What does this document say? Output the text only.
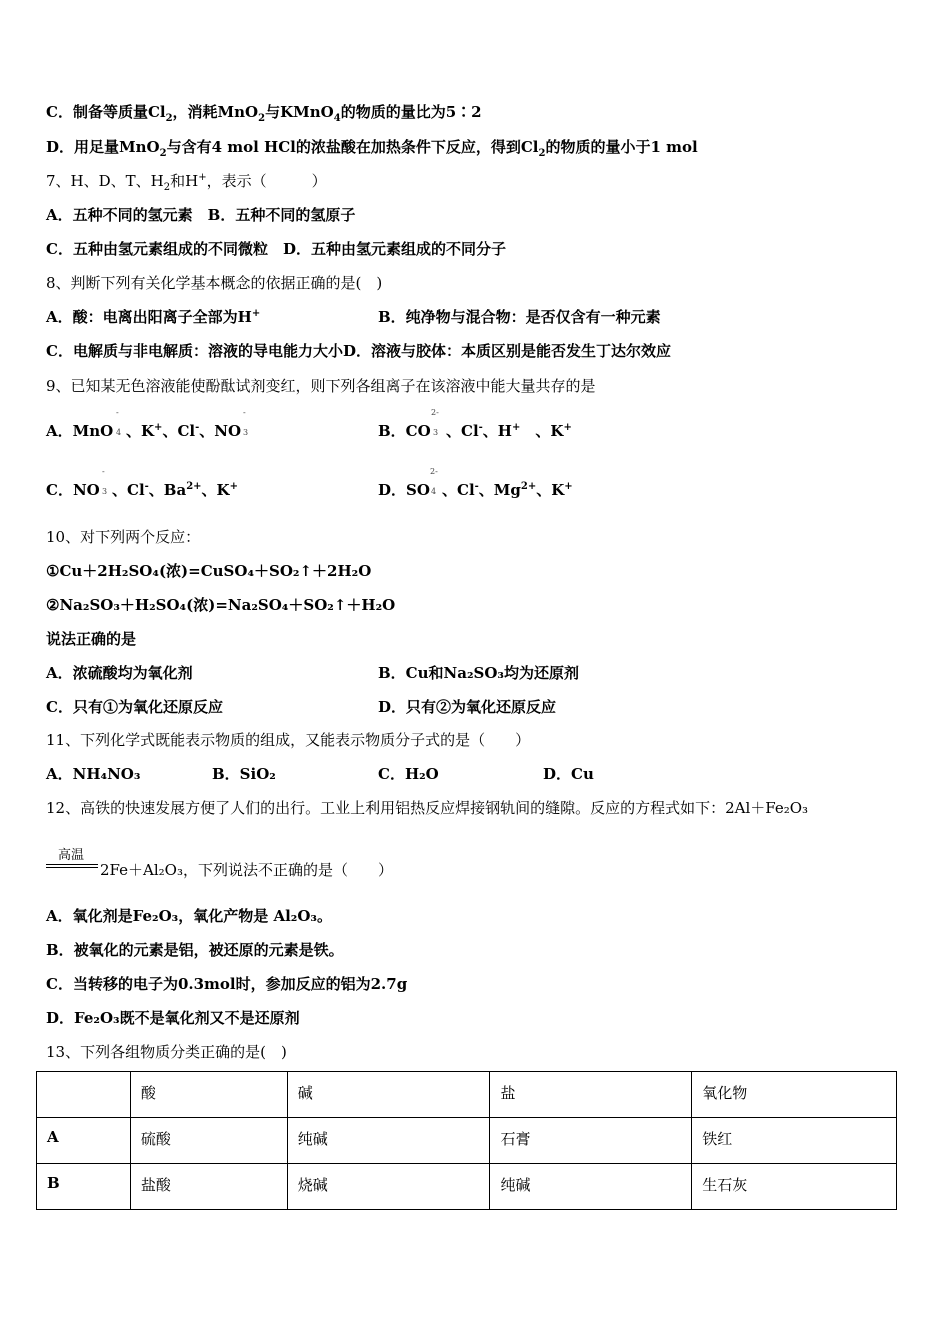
C．制备等质量$Cl_2$，消耗MnO$_2$与KMnO$_4$的物质的量比为5∶2
D．用足量MnO$_2$与含有4 mol HCl的浓盐酸在加热条件下反应，得到$Cl_2$的物质的量小于1 mol
7、H、D、T、$H_2$和H+，表示（　　　）
A．五种不同的氢元素　 B．五种不同的氢原子
C．五种由氢元素组成的不同微粒　 D．五种由氢元素组成的不同分子
8、判断下列有关化学基本概念的依据正确的是(　)
A．酸：电离出阳离子全部为H+	B．纯净物与混合物：是否仅含有一种元素
C．电解质与非电解质：溶液的导电能力大小D．溶液与胶体：本质区别是能否发生丁达尔效应
9、已知某无色溶液能使酚酞试剂变红，则下列各组离子在该溶液中能大量共存的是
A．MnO 4
-
、K+、Cl-、NO 3
-
B．CO 3
2-
、Cl-、H+　 、K+
C．NO 3
-
、Cl-、$Ba^{2+}$、K+	D．SO 4
2-
、Cl-、$Mg^{2+}$、K+
10、对下列两个反应：
①Cu＋2H₂SO₄(浓)=CuSO₄＋SO₂↑＋2H₂O
②Na₂SO₃＋H₂SO₄(浓)=Na₂SO₄＋SO₂↑＋H₂O
说法正确的是
A．浓硫酸均为氧化剂	B．Cu和Na₂SO₃均为还原剂
C．只有①为氧化还原反应	D．只有②为氧化还原反应
11、下列化学式既能表示物质的组成，又能表示物质分子式的是（　　）
A．NH₄NO₃	B．SiO₂	C．H₂O	D．Cu
12、高铁的快速发展方便了人们的出行。工业上利用铝热反应焊接钢轨间的缝隙。反应的方程式如下：2Al＋Fe₂O₃
高温
2Fe＋Al₂O₃，下列说法不正确的是（　　）
A．氧化剂是Fe₂O₃，氧化产物是 Al₂O₃。
B．被氧化的元素是铝，被还原的元素是铁。
C．当转移的电子为0.3mol时，参加反应的铝为2.7g
D．Fe₂O₃既不是氧化剂又不是还原剂
13、下列各组物质分类正确的是(　)
	酸	碱	盐	氧化物
A	硫酸	纯碱	石膏	铁红
B	盐酸	烧碱	纯碱	生石灰
